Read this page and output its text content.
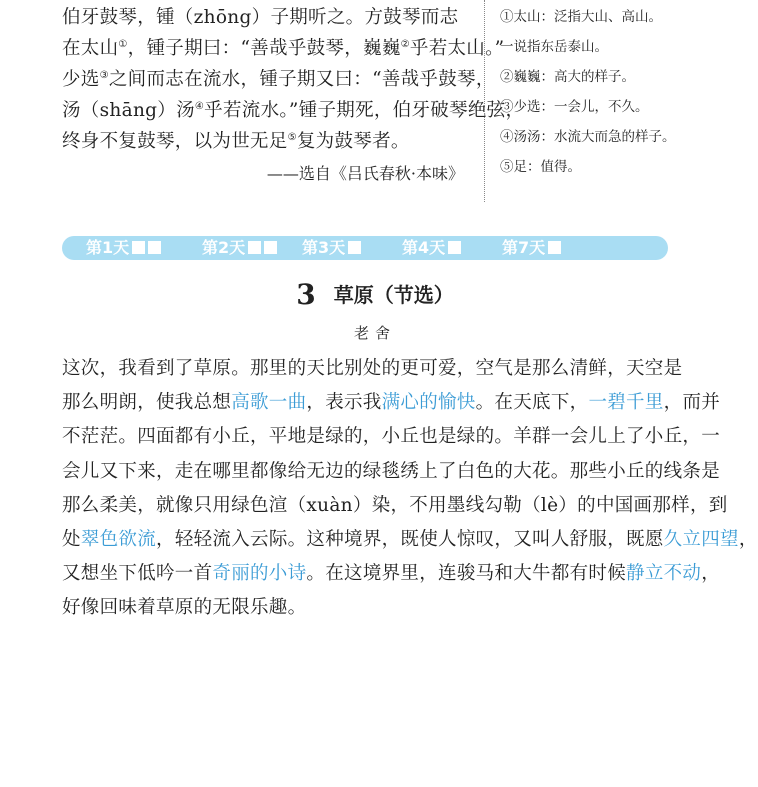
伯牙鼓琴，锺（zhōng）子期听之。方鼓琴而志
在太山①，锺子期曰：“善哉乎鼓琴，巍巍②乎若太山。”
少选③之间而志在流水，锺子期又曰：“善哉乎鼓琴，
汤（shāng）汤④乎若流水。”锺子期死，伯牙破琴绝弦，
终身不复鼓琴，以为世无足⑤复为鼓琴者。
——选自《吕氏春秋·本味》
①太山：泛指大山、高山。
一说指东岳泰山。
②巍巍：高大的样子。
③少选：一会儿，不久。
④汤汤：水流大而急的样子。
⑤足：值得。
第1天	第2天	第3天	第4天	第7天
3 草原（节选）
老舍
这次，我看到了草原。那里的天比别处的更可爱，空气是那么清鲜，天空是
那么明朗，使我总想高歌一曲，表示我满心的愉快。在天底下，一碧千里，而并
不茫茫。四面都有小丘，平地是绿的，小丘也是绿的。羊群一会儿上了小丘，一
会儿又下来，走在哪里都像给无边的绿毯绣上了白色的大花。那些小丘的线条是
那么柔美，就像只用绿色渲（xuàn）染，不用墨线勾勒（lè）的中国画那样，到
处翠色欲流，轻轻流入云际。这种境界，既使人惊叹，又叫人舒服，既愿久立四望，
又想坐下低吟一首奇丽的小诗。在这境界里，连骏马和大牛都有时候静立不动，
好像回味着草原的无限乐趣。
